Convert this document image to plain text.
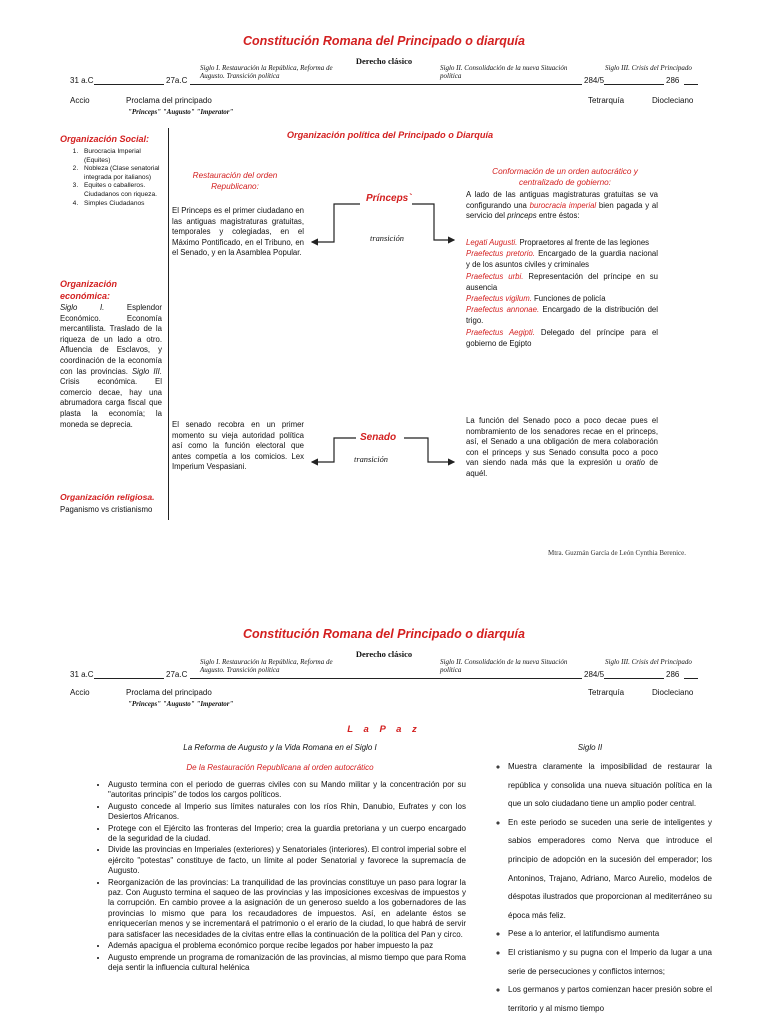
Constitución Romana del Principado o diarquía
Derecho clásico
Siglo I. Restauración la República, Reforma de Augusto. Transición política
Siglo II. Consolidación de la nueva Situación política
Siglo III. Crisis del Principado
31 a.C	27a.C	284/5	286
Accio	Proclama del principado
"Princeps" "Augusto" "Imperator"
Tetrarquía	Diocleciano
Organización Social:
1. Burocracia Imperial (Equites)
2. Nobleza (Clase senatorial integrada por italianos)
3. Equites o caballeros. Ciudadanos con riqueza.
4. Simples Ciudadanos
Organización económica:
Siglo I.	Esplendor Económico. Economía mercantilista. Traslado de la riqueza de un lado a otro. Afluencia de Esclavos, y coordinación de la economía con las provincias. Siglo III. Crisis económica. El comercio decae, hay una abrumadora carga fiscal que plasta la economía; la moneda se deprecia.
Organización religiosa.
Paganismo vs cristianismo
Organización política del Principado o Diarquía
Restauración del orden Republicano:
El Princeps es el primer ciudadano en las antiguas magistraturas gratuitas, temporales y colegiadas, en el Máximo Pontificado, en el Tribuno, en el Senado, y en la Asamblea Popular.
Príncepsˋ
transición
Conformación de un orden autocrático y centralizado de gobierno:
A lado de las antiguas magistraturas gratuitas se va configurando una burocracia imperial bien pagada y al servicio del princeps entre éstos:
Legati Augusti. Propraetores al frente de las legiones
Praefectus pretorio. Encargado de la guardia nacional y de los asuntos civiles y criminales
Praefectus urbi. Representación del príncipe en su ausencia
Praefectus vigilum. Funciones de policía
Praefectus annonae. Encargado de la distribución del trigo.
Praefectus Aegipti. Delegado del príncipe para el gobierno de Egipto
El senado recobra en un primer momento su vieja autoridad política así como la función electoral que antes competía a los comicios. Lex Imperium Vespasiani.
Senado
transición
La función del Senado poco a poco decae pues el nombramiento de los senadores recae en el princeps, así, el Senado a una obligación de mera colaboración con el princeps y sus Senado consulta poco a poco van siendo nada más que la expresión u oratio de aquél.
Mtra. Guzmán García de León Cynthia Berenice.
Constitución Romana del Principado o diarquía
Derecho clásico
Siglo I. Restauración la República, Reforma de Augusto. Transición política
Siglo II. Consolidación de la nueva Situación política
Siglo III. Crisis del Principado
31 a.C	27a.C	284/5	286
Accio	Proclama del principado
"Princeps" "Augusto" "Imperator"
Tetrarquía	Diocleciano
L a P a z
La Reforma de Augusto y la Vida Romana en el Siglo I
De la Restauración Republicana al orden autocrático
Siglo II
• Augusto termina con el periodo de guerras civiles con su Mando militar y la concentración por su "autoritas principis" de todos los cargos políticos.
• Augusto concede al Imperio sus límites naturales con los ríos Rhin, Danubio, Eufrates y con los Desiertos Africanos.
• Protege con el Ejército las fronteras del Imperio; crea la guardia pretoriana y un cuerpo encargado de la seguridad de la ciudad.
• Divide las provincias en Imperiales (exteriores) y Senatoriales (interiores). El control imperial sobre el ejército "potestas" constituye de facto, un límite al poder Senatorial y favorece la supremacía de Augusto.
• Reorganización de las provincias: La tranquilidad de las provincias constituye un paso para lograr la paz. Con Augusto termina el saqueo de las provincias y las imposiciones excesivas de impuestos y la corrupción. En cambio provee a la asignación de un generoso sueldo a los gobernadores de las provincias lo mismo que para los recaudadores de impuestos. Así, en adelante éstos se enriquecerían menos y se incrementará el patrimonio o el erario de la ciudad, lo que habrá de servir para satisfacer las necesidades de la civitas entre ellas la continuación de la política del Pan y circo.
• Además apacigua el problema económico porque recibe legados por haber impuesto la paz
• Augusto emprende un programa de romanización de las provincias, al mismo tiempo que para Roma deja sentir la influencia cultural helénica
◦ Muestra claramente la imposibilidad de restaurar la república y consolida una nueva situación política en la que un solo ciudadano tiene un amplio poder central.
◦ En este periodo se suceden una serie de inteligentes y sabios emperadores como Nerva que introduce el principio de adopción en la sucesión del emperador; los Antoninos, Trajano, Adriano, Marco Aurelio, modelos de déspotas ilustrados que proporcionan al mediterráneo su época más feliz.
◦ Pese a lo anterior, el latifundismo aumenta
◦ El cristianismo y su pugna con el Imperio da lugar a una serie de persecuciones y conflictos internos;
◦ Los germanos y partos comienzan hacer presión sobre el territorio y al mismo tiempo
